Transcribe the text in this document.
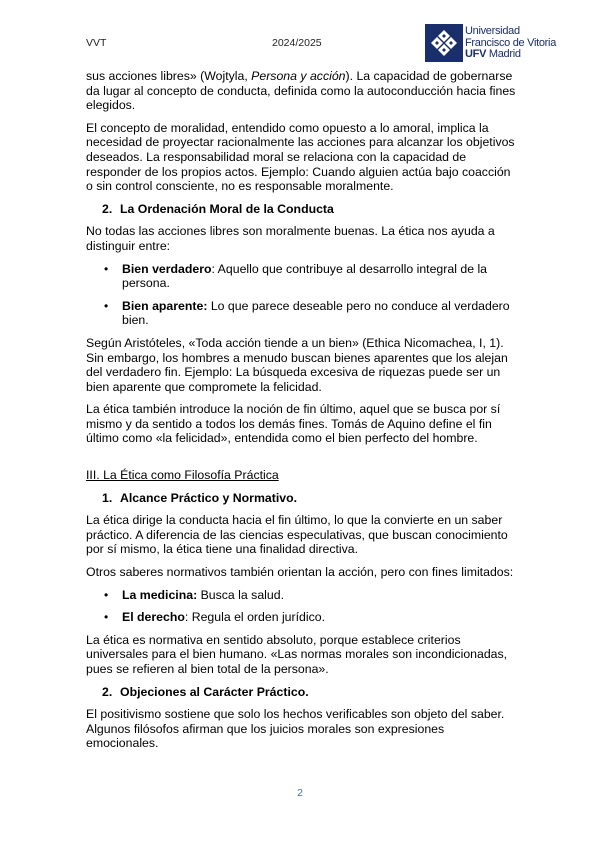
VVT	2024/2025
Universidad
Francisco de Vitoria
UFV Madrid

sus acciones libres» (Wojtyla, Persona y acción). La capacidad de gobernarse da lugar al concepto de conducta, definida como la autoconducción hacia fines elegidos.

El concepto de moralidad, entendido como opuesto a lo amoral, implica la necesidad de proyectar racionalmente las acciones para alcanzar los objetivos deseados. La responsabilidad moral se relaciona con la capacidad de responder de los propios actos. Ejemplo: Cuando alguien actúa bajo coacción o sin control consciente, no es responsable moralmente.

2. La Ordenación Moral de la Conducta

No todas las acciones libres son moralmente buenas. La ética nos ayuda a distinguir entre:

• Bien verdadero: Aquello que contribuye al desarrollo integral de la persona.
• Bien aparente: Lo que parece deseable pero no conduce al verdadero bien.

Según Aristóteles, «Toda acción tiende a un bien» (Ethica Nicomachea, I, 1). Sin embargo, los hombres a menudo buscan bienes aparentes que los alejan del verdadero fin. Ejemplo: La búsqueda excesiva de riquezas puede ser un bien aparente que compromete la felicidad.

La ética también introduce la noción de fin último, aquel que se busca por sí mismo y da sentido a todos los demás fines. Tomás de Aquino define el fin último como «la felicidad», entendida como el bien perfecto del hombre.

III. La Ética como Filosofía Práctica
1. Alcance Práctico y Normativo.

La ética dirige la conducta hacia el fin último, lo que la convierte en un saber práctico. A diferencia de las ciencias especulativas, que buscan conocimiento por sí mismo, la ética tiene una finalidad directiva.

Otros saberes normativos también orientan la acción, pero con fines limitados:

• La medicina: Busca la salud.
• El derecho: Regula el orden jurídico.

La ética es normativa en sentido absoluto, porque establece criterios universales para el bien humano. «Las normas morales son incondicionadas, pues se refieren al bien total de la persona».

2. Objeciones al Carácter Práctico.

El positivismo sostiene que solo los hechos verificables son objeto del saber. Algunos filósofos afirman que los juicios morales son expresiones emocionales.

2
